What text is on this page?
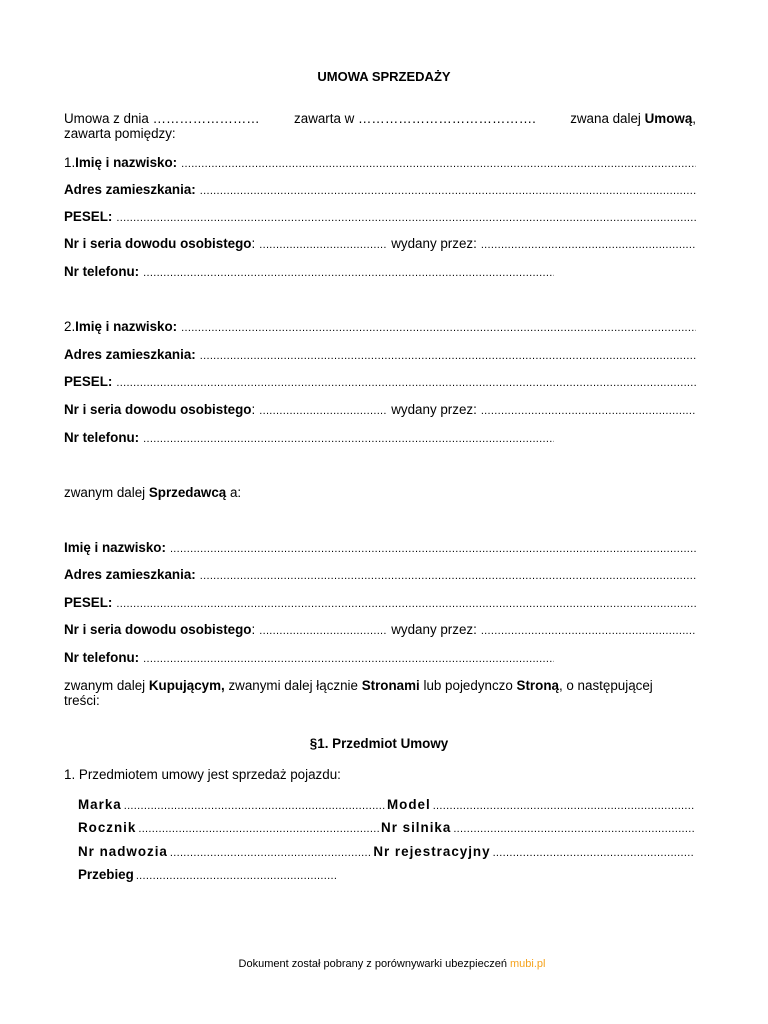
UMOWA SPRZEDAŻY
Umowa z dnia ……………………	zawarta w ………………………………….	zwana dalej Umową,
zawarta pomiędzy:
1. Imię i nazwisko:
.....
Adres zamieszkania:
.....
PESEL:
.....
Nr i seria dowodu osobistego : .....	wydany przez:
.....
Nr telefonu:
.....
2. Imię i nazwisko:
.....
Adres zamieszkania:
.....
PESEL:
.....
Nr i seria dowodu osobistego : .....	wydany przez:
.....
Nr telefonu:
.....
zwanym dalej Sprzedawcą a:
Imię i nazwisko:
.....
Adres zamieszkania:
.....
PESEL:
.....
Nr i seria dowodu osobistego : .....	wydany przez:
.....
Nr telefonu:
.....
zwanym dalej Kupującym, zwanymi dalej łącznie Stronami lub pojedynczo Stroną, o następującej
treści:
§1. Przedmiot Umowy
1. Przedmiotem umowy jest sprzedaż pojazdu:
Marka .....	Model
.....
Rocznik .....	Nr silnika
.....
Nr nadwozia .....	Nr rejestracyjny
.....
Przebieg
.....
Dokument został pobrany z porównywarki ubezpieczeń mubi.pl
